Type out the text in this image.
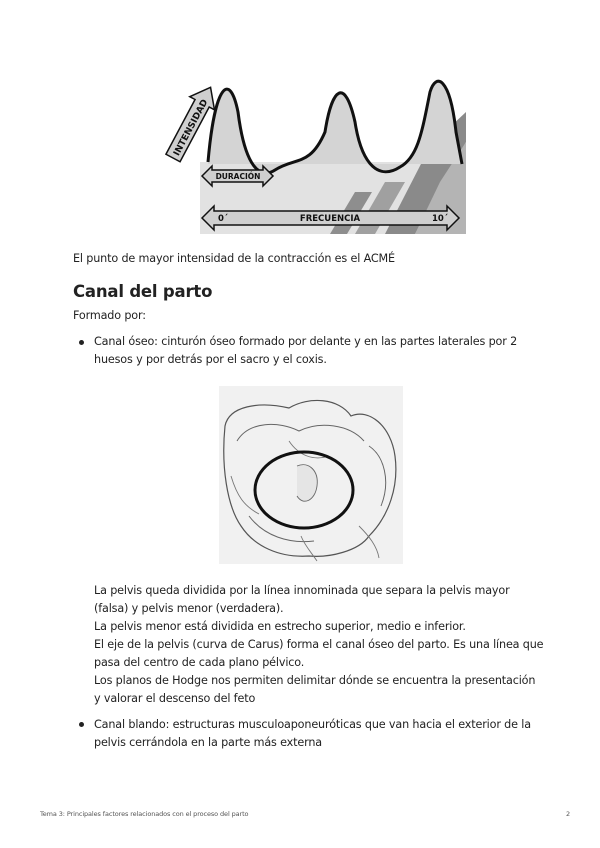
INTENSIDAD
DURACIÓN
0´	FRECUENCIA	10´

El punto de mayor intensidad de la contracción es el ACMÉ

Canal del parto

Formado por:

Canal óseo: cinturón óseo formado por delante y en las partes laterales por 2
huesos y por detrás por el sacro y el coxis.
La pelvis queda dividida por la línea innominada que separa la pelvis mayor
(falsa) y pelvis menor (verdadera).
La pelvis menor está dividida en estrecho superior, medio e inferior.
El eje de la pelvis (curva de Carus) forma el canal óseo del parto. Es una línea que
pasa del centro de cada plano pélvico.
Los planos de Hodge nos permiten delimitar dónde se encuentra la presentación
y valorar el descenso del feto
Canal blando: estructuras musculoaponeuróticas que van hacia el exterior de la
pelvis cerrándola en la parte más externa
Tema 3: Principales factores relacionados con el proceso del parto	2
